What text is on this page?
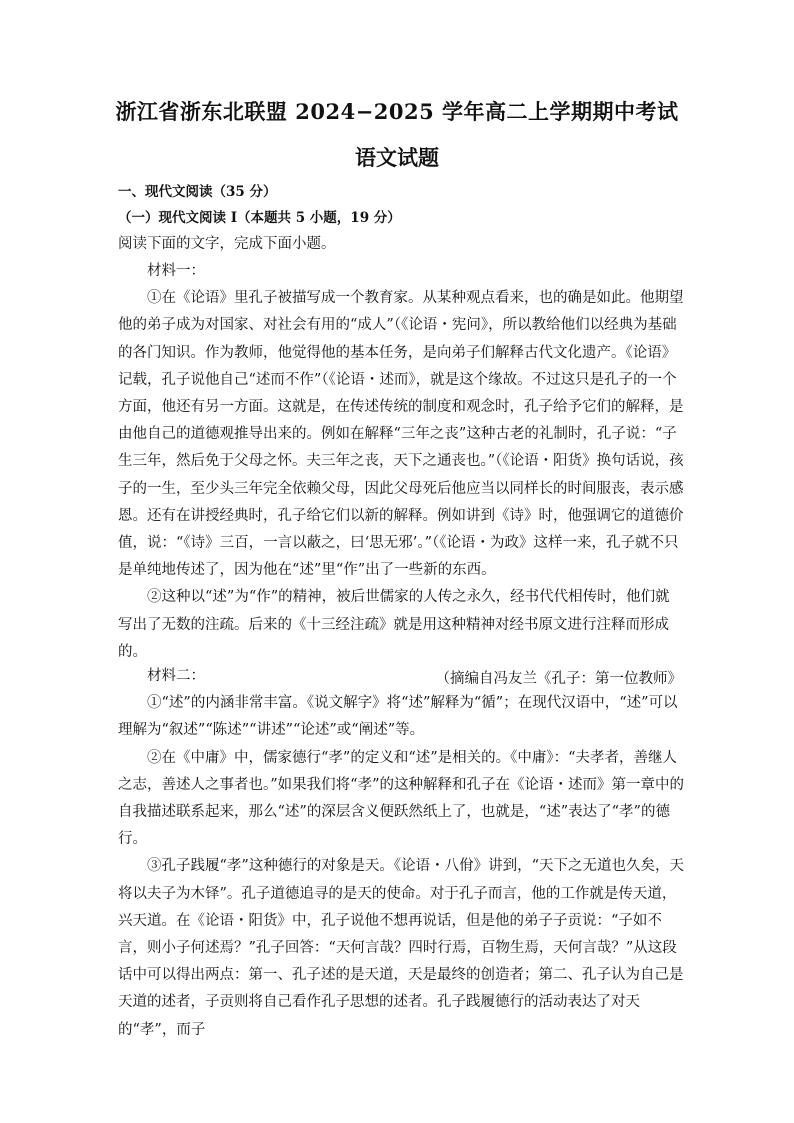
浙江省浙东北联盟 2024−2025 学年高二上学期期中考试
语文试题
一、现代文阅读（35 分）
（一）现代文阅读 I（本题共 5 小题，19 分）
阅读下面的文字，完成下面小题。

材料一：

①在《论语》里孔子被描写成一个教育家。从某种观点看来，也的确是如此。他期望他的弟子成为对国家、对社会有用的“成人”（《论语・宪问》，所以教给他们以经典为基础的各门知识。作为教师，他觉得他的基本任务，是向弟子们解释古代文化遗产。《论语》记载，孔子说他自己“述而不作”（《论语・述而》，就是这个缘故。不过这只是孔子的一个方面，他还有另一方面。这就是，在传述传统的制度和观念时，孔子给予它们的解释，是由他自己的道德观推导出来的。例如在解释“三年之丧”这种古老的礼制时，孔子说：“子生三年，然后免于父母之怀。夫三年之丧，天下之通丧也。”（《论语・阳货》换句话说，孩子的一生，至少头三年完全依赖父母，因此父母死后他应当以同样长的时间服丧，表示感恩。还有在讲授经典时，孔子给它们以新的解释。例如讲到《诗》时，他强调它的道德价值，说：“《诗》三百，一言以蔽之，曰‘思无邪’。”（《论语・为政》这样一来，孔子就不只是单纯地传述了，因为他在“述”里“作”出了一些新的东西。

②这种以“述”为“作”的精神，被后世儒家的人传之永久，经书代代相传时，他们就写出了无数的注疏。后来的《十三经注疏》就是用这种精神对经书原文进行注释而形成的。

（摘编自冯友兰《孔子：第一位教师》

材料二：

①“述”的内涵非常丰富。《说文解字》将“述”解释为“循”；在现代汉语中，“述”可以理解为“叙述”“陈述”“讲述”“论述”或“阐述”等。

②在《中庸》中，儒家德行“孝”的定义和“述”是相关的。《中庸》：“夫孝者，善继人之志，善述人之事者也。”如果我们将“孝”的这种解释和孔子在《论语・述而》第一章中的自我描述联系起来，那么“述”的深层含义便跃然纸上了，也就是，“述”表达了“孝”的德行。

③孔子践履“孝”这种德行的对象是天。《论语・八佾》讲到，“天下之无道也久矣，天将以夫子为木铎”。孔子道德追寻的是天的使命。对于孔子而言，他的工作就是传天道，兴天道。在《论语・阳货》中，孔子说他不想再说话，但是他的弟子子贡说：“子如不言，则小子何述焉？”孔子回答：“天何言哉？四时行焉，百物生焉，天何言哉？”从这段话中可以得出两点：第一、孔子述的是天道，天是最终的创造者；第二、孔子认为自己是天道的述者，子贡则将自己看作孔子思想的述者。孔子践履德行的活动表达了对天的“孝”，而子
